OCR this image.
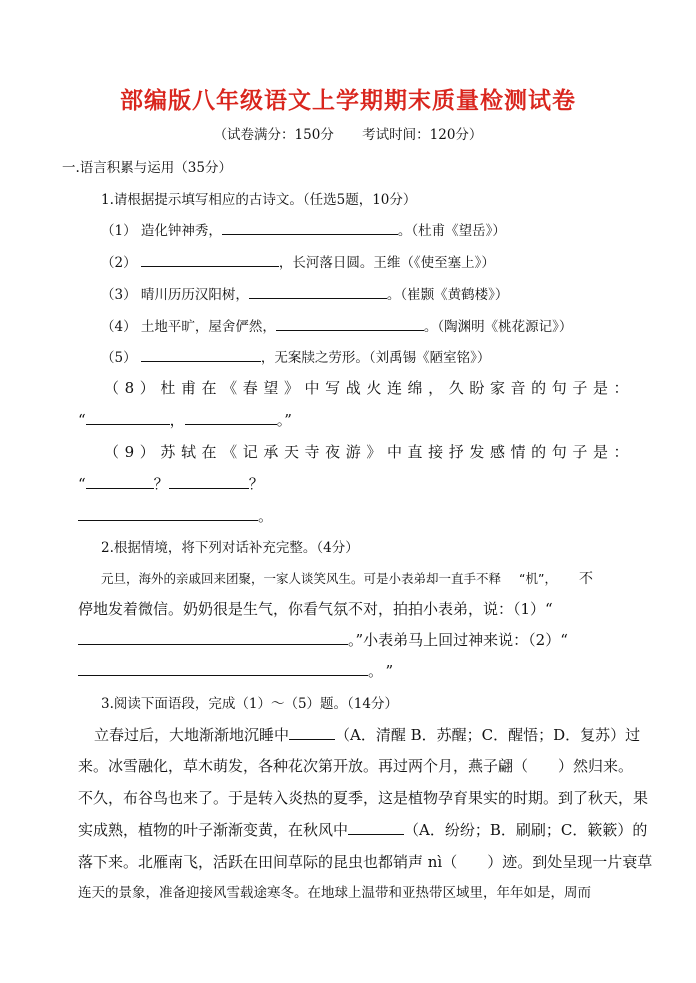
部编版八年级语文上学期期末质量检测试卷
（试卷满分：150分 考试时间：120分）
一.语言积累与运用（35分）
1.请根据提示填写相应的古诗文。（任选5题，10分）
（1） 造化钟神秀，	。（杜甫《望岳》）
（2）	，长河落日圆。王维（《使至塞上》）
（3） 晴川历历汉阳树，	。（崔颢《黄鹤楼》）
（4） 土地平旷，屋舍俨然，	。（陶渊明《桃花源记》）
（5）	，无案牍之劳形。（刘禹锡《陋室铭》）
（8）杜甫在《春望》中写战火连绵，久盼家音的句子是：
“	，	。”
（9）苏轼在《记承天寺夜游》中直接抒发感情的句子是：
“	？	？
。
2.根据情境，将下列对话补充完整。（4分）
元旦，海外的亲戚回来团聚，一家人谈笑风生。可是小表弟却一直手不释 “机”， 不
停地发着微信。奶奶很是生气，你看气氛不对，拍拍小表弟，说：（1）“
。”小表弟马上回过神来说：（2）“
。”
3.阅读下面语段，完成（1）～（5）题。（14分）
立春过后，大地渐渐地沉睡中	（A．清醒 B．苏醒；C．醒悟；D．复苏）过
来。冰雪融化，草木萌发，各种花次第开放。再过两个月，燕子翩（　　）然归来。
不久，布谷鸟也来了。于是转入炎热的夏季，这是植物孕育果实的时期。到了秋天，果
实成熟，植物的叶子渐渐变黄，在秋风中	（A．纷纷；B．刷刷；C．簌簌）的
落下来。北雁南飞，活跃在田间草际的昆虫也都销声 nì（　　）迹。到处呈现一片衰草
连天的景象，准备迎接风雪载途寒冬。在地球上温带和亚热带区域里，年年如是，周而
